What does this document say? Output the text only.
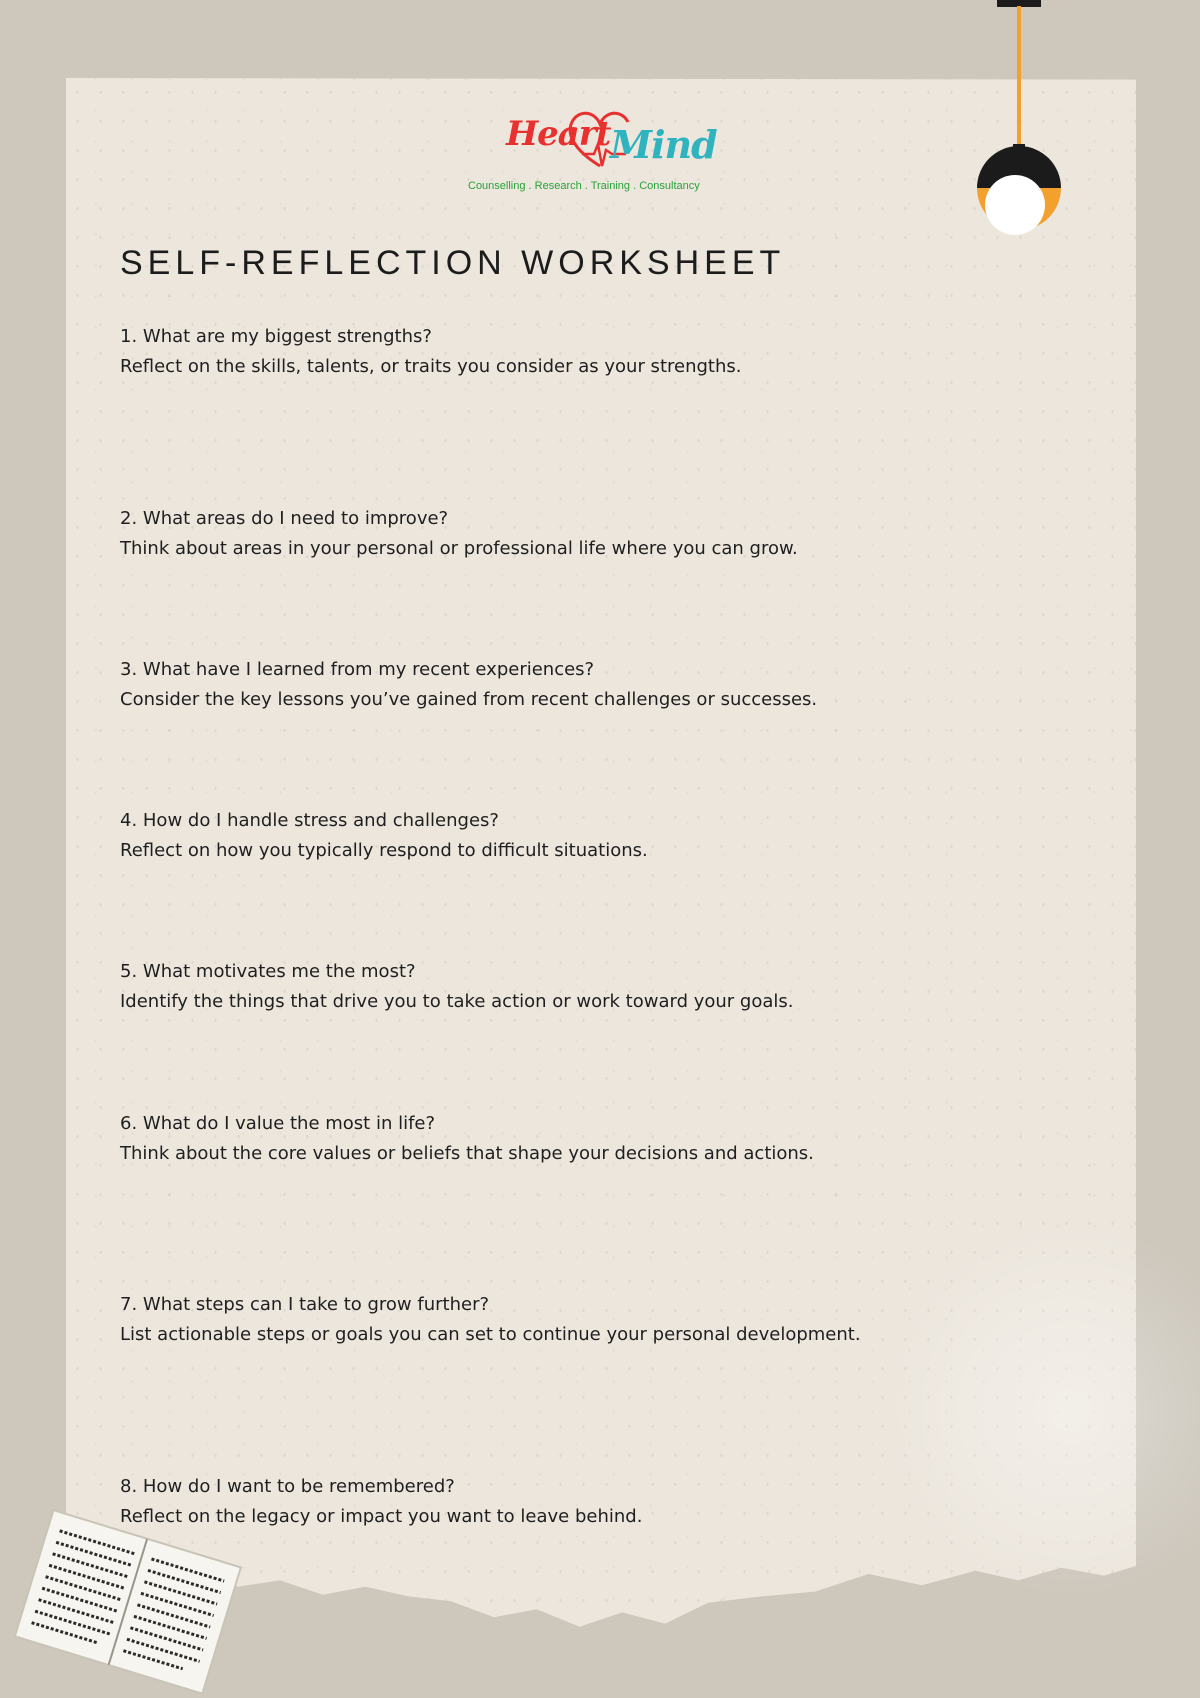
Heart Mind
Counselling . Research . Training . Consultancy
SELF-REFLECTION WORKSHEET

1. What are my biggest strengths?

Reflect on the skills, talents, or traits you consider as your strengths.

2. What areas do I need to improve?

Think about areas in your personal or professional life where you can grow.

3. What have I learned from my recent experiences?

Consider the key lessons you’ve gained from recent challenges or successes.

4. How do I handle stress and challenges?

Reflect on how you typically respond to difficult situations.

5. What motivates me the most?

Identify the things that drive you to take action or work toward your goals.

6. What do I value the most in life?

Think about the core values or beliefs that shape your decisions and actions.

7. What steps can I take to grow further?

List actionable steps or goals you can set to continue your personal development.

8. How do I want to be remembered?

Reflect on the legacy or impact you want to leave behind.
